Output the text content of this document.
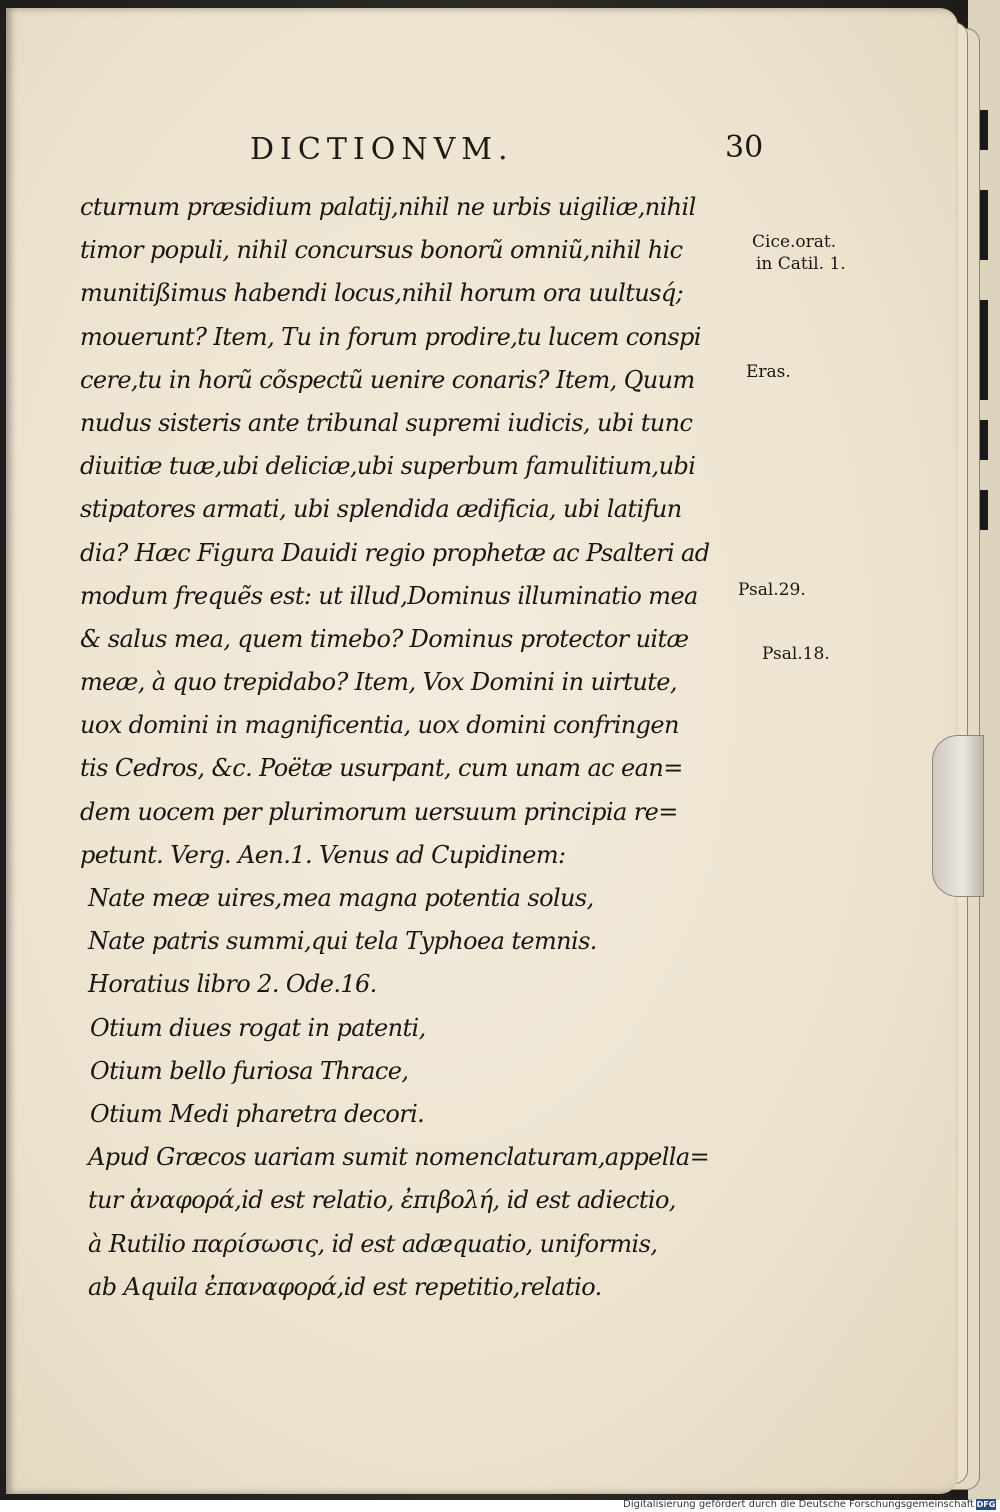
DICTIONVM.	30
cturnum præsidium palatij,nihil ne urbis uigiliæ,nihil
timor populi, nihil concursus bonorũ omniũ,nihil hic
munitißimus habendi locus,nihil horum ora uultusq́;
mouerunt? Item, Tu in forum prodire,tu lucem conspi
cere,tu in horũ cõspectũ uenire conaris? Item, Quum
nudus sisteris ante tribunal supremi iudicis, ubi tunc
diuitiæ tuæ,ubi deliciæ,ubi superbum famulitium,ubi
stipatores armati, ubi splendida ædificia, ubi latifun
dia? Hæc Figura Dauidi regio prophetæ ac Psalteri ad
modum frequẽs est: ut illud,Dominus illuminatio mea
& salus mea, quem timebo? Dominus protector uitæ
meæ, à quo trepidabo? Item, Vox Domini in uirtute,
uox domini in magnificentia, uox domini confringen
tis Cedros, &c. Poëtæ usurpant, cum unam ac ean=
dem uocem per plurimorum uersuum principia re=
petunt. Verg. Aen.1. Venus ad Cupidinem:
Nate meæ uires,mea magna potentia solus,
Nate patris summi,qui tela Typhoea temnis.
Horatius libro 2. Ode.16.
Otium diues rogat in patenti,
Otium bello furiosa Thrace,
Otium Medi pharetra decori.
Apud Græcos uariam sumit nomenclaturam,appella=
tur ἀναφορά,id est relatio, ἐπιβολή, id est adiectio,
à Rutilio παρίσωσις, id est adæquatio, uniformis,
ab Aquila ἐπαναφορά,id est repetitio,relatio.
Cice.orat.
in Catil. 1.
Eras.
Psal.29.
Psal.18.
Digitalisierung gefördert durch die Deutsche Forschungsgemeinschaft DFG
